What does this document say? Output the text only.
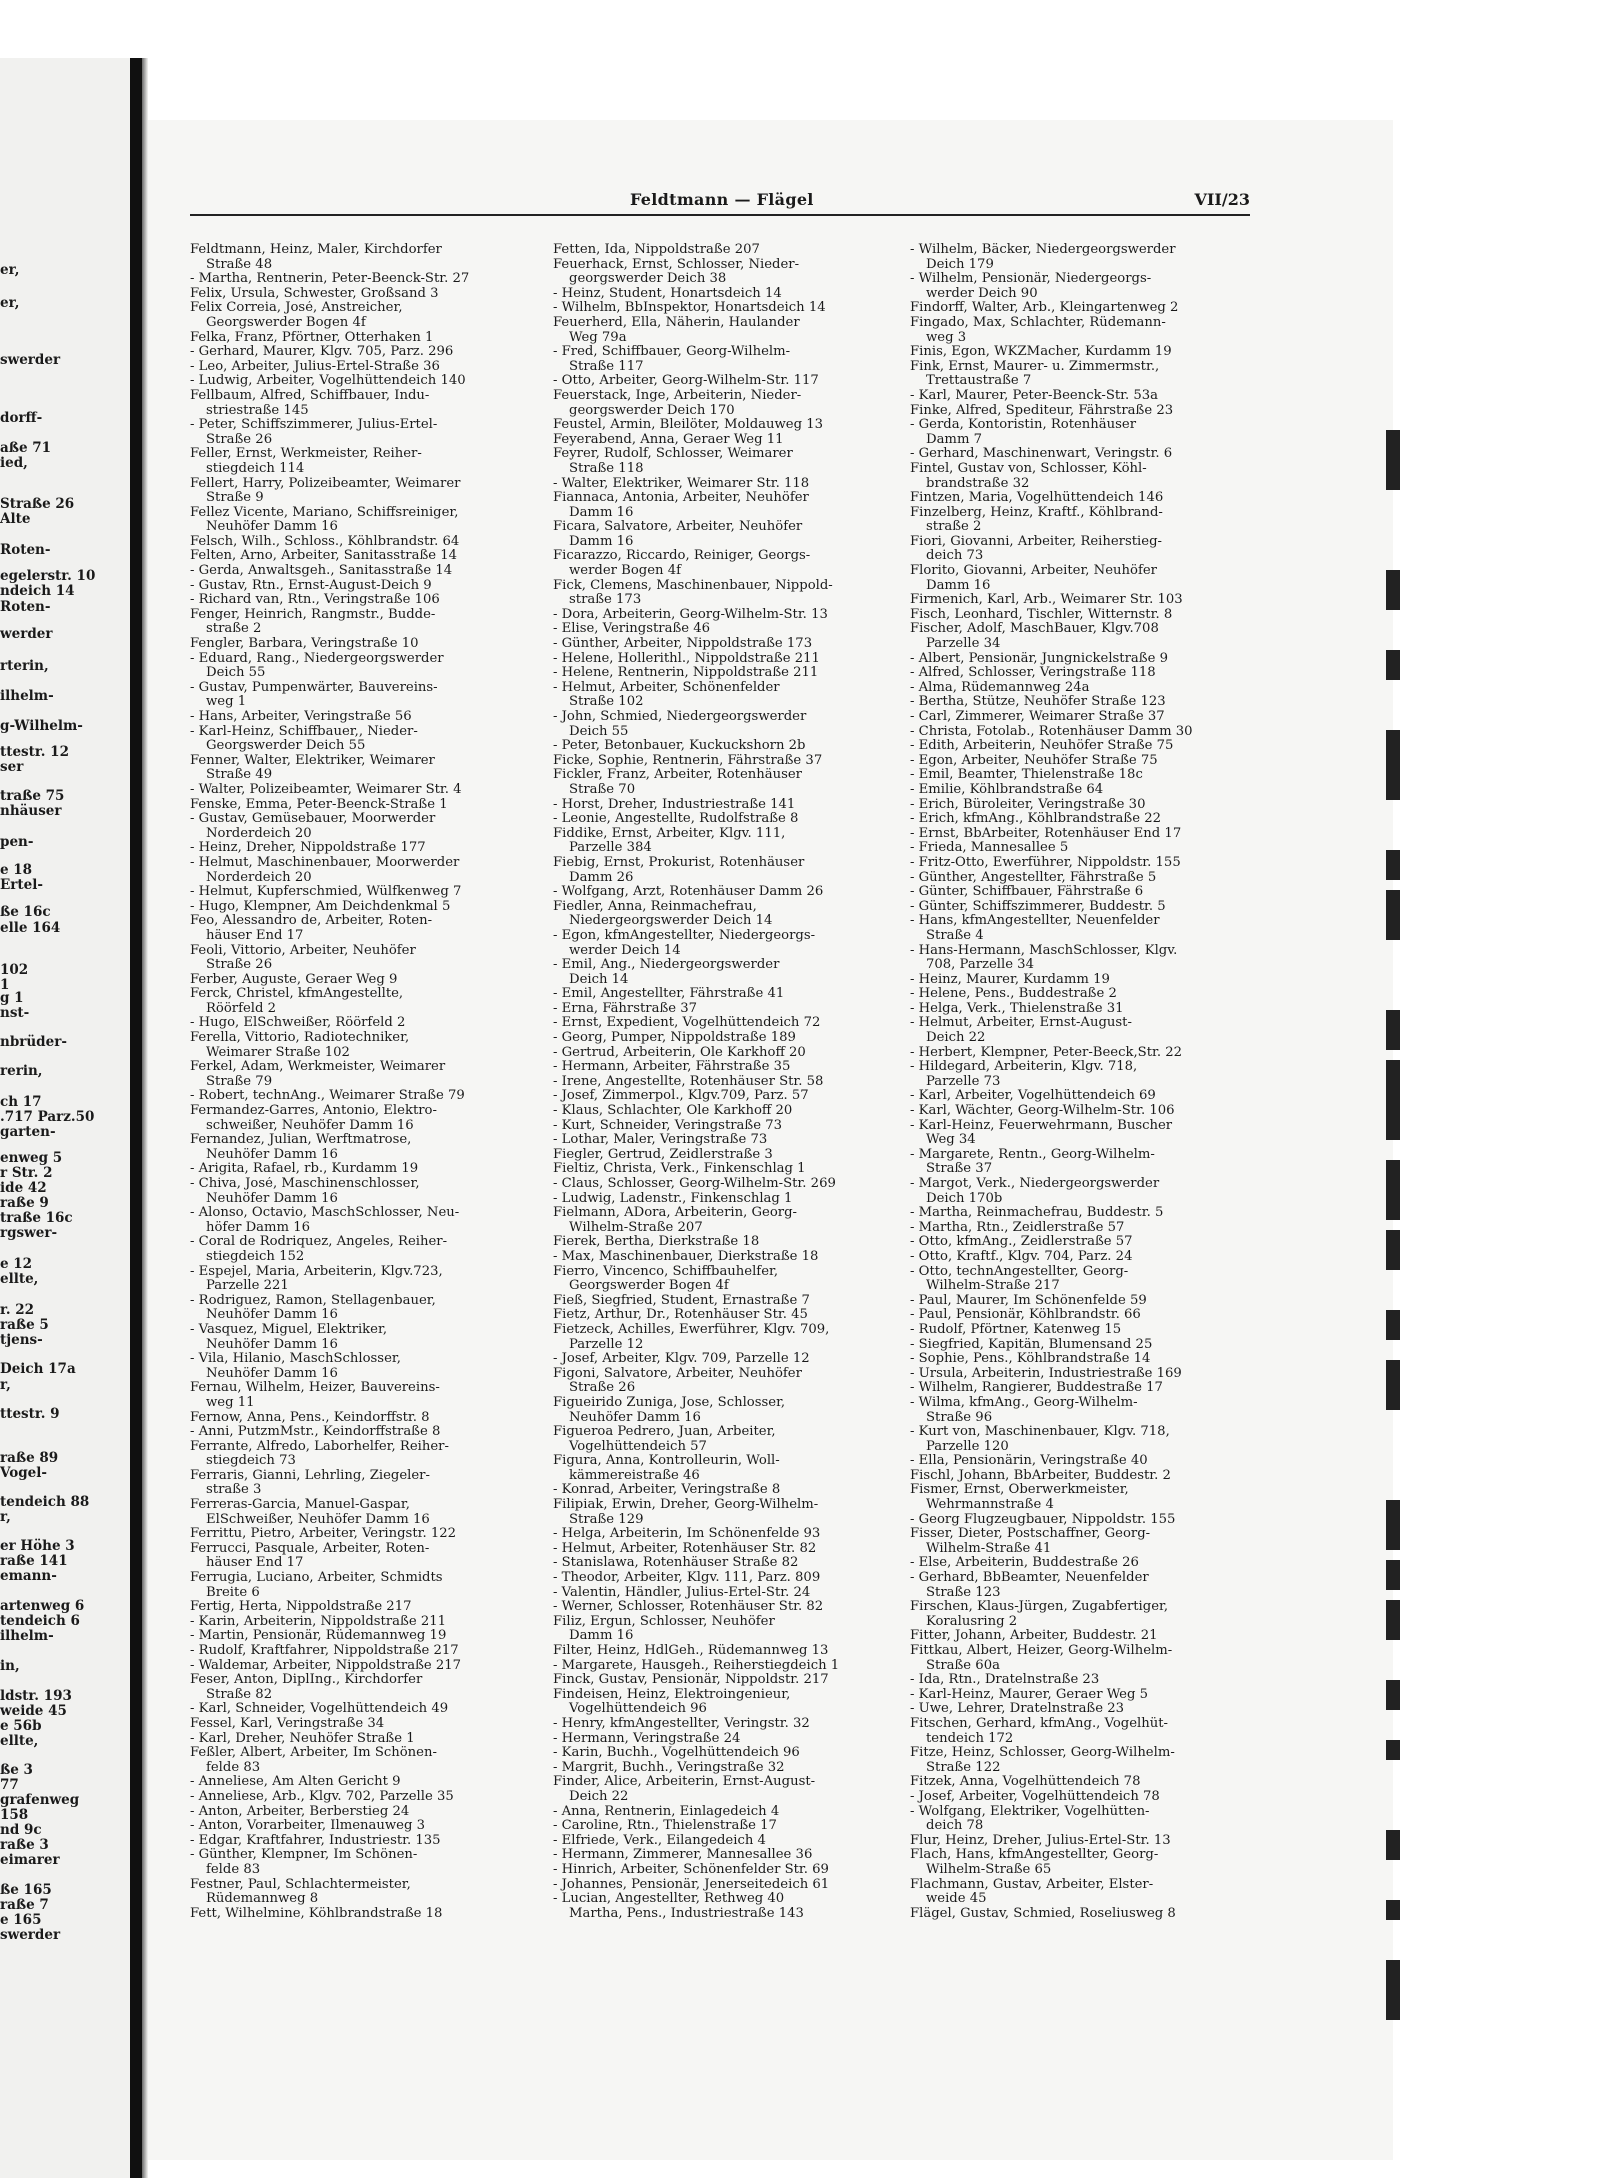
er,
er,
swerder
dorff-
aße 71
ied,
Straße 26
Alte
Roten-
egelerstr. 10
ndeich 14
Roten-
werder
rterin,
ilhelm-
g-Wilhelm-
ttestr. 12
ser
traße 75
nhäuser
pen-
e 18
Ertel-
ße 16c
elle 164
102
1
g 1
nst-
nbrüder-
rerin,
ch 17
.717 Parz.50
garten-
enweg 5
r Str. 2
ide 42
raße 9
traße 16c
rgswer-
e 12
ellte,
r. 22
raße 5
tjens-
Deich 17a
r,
ttestr. 9
raße 89
Vogel-
tendeich 88
r,
er Höhe 3
raße 141
emann-
artenweg 6
tendeich 6
ilhelm-
in,
ldstr. 193
weide 45
e 56b
ellte,
ße 3
77
grafenweg
158
nd 9c
raße 3
eimarer
ße 165
raße 7
e 165
swerder
Feldtmann — Flägel	VII/23
Feldtmann, Heinz, Maler, Kirchdorfer
Straße 48
- Martha, Rentnerin, Peter-Beenck-Str. 27
Felix, Ursula, Schwester, Großsand 3
Felix Correia, José, Anstreicher,
Georgswerder Bogen 4f
Felka, Franz, Pförtner, Otterhaken 1
- Gerhard, Maurer, Klgv. 705, Parz. 296
- Leo, Arbeiter, Julius-Ertel-Straße 36
- Ludwig, Arbeiter, Vogelhüttendeich 140
Fellbaum, Alfred, Schiffbauer, Indu-
striestraße 145
- Peter, Schiffszimmerer, Julius-Ertel-
Straße 26
Feller, Ernst, Werkmeister, Reiher-
stiegdeich 114
Fellert, Harry, Polizeibeamter, Weimarer
Straße 9
Fellez Vicente, Mariano, Schiffsreiniger,
Neuhöfer Damm 16
Felsch, Wilh., Schloss., Köhlbrandstr. 64
Felten, Arno, Arbeiter, Sanitasstraße 14
- Gerda, Anwaltsgeh., Sanitasstraße 14
- Gustav, Rtn., Ernst-August-Deich 9
- Richard van, Rtn., Veringstraße 106
Fenger, Heinrich, Rangmstr., Budde-
straße 2
Fengler, Barbara, Veringstraße 10
- Eduard, Rang., Niedergeorgswerder
Deich 55
- Gustav, Pumpenwärter, Bauvereins-
weg 1
- Hans, Arbeiter, Veringstraße 56
- Karl-Heinz, Schiffbauer,, Nieder-
Georgswerder Deich 55
Fenner, Walter, Elektriker, Weimarer
Straße 49
- Walter, Polizeibeamter, Weimarer Str. 4
Fenske, Emma, Peter-Beenck-Straße 1
- Gustav, Gemüsebauer, Moorwerder
Norderdeich 20
- Heinz, Dreher, Nippoldstraße 177
- Helmut, Maschinenbauer, Moorwerder
Norderdeich 20
- Helmut, Kupferschmied, Wülfkenweg 7
- Hugo, Klempner, Am Deichdenkmal 5
Feo, Alessandro de, Arbeiter, Roten-
häuser End 17
Feoli, Vittorio, Arbeiter, Neuhöfer
Straße 26
Ferber, Auguste, Geraer Weg 9
Ferck, Christel, kfmAngestellte,
Röörfeld 2
- Hugo, ElSchweißer, Röörfeld 2
Ferella, Vittorio, Radiotechniker,
Weimarer Straße 102
Ferkel, Adam, Werkmeister, Weimarer
Straße 79
- Robert, technAng., Weimarer Straße 79
Fermandez-Garres, Antonio, Elektro-
schweißer, Neuhöfer Damm 16
Fernandez, Julian, Werftmatrose,
Neuhöfer Damm 16
- Arigita, Rafael, rb., Kurdamm 19
- Chiva, José, Maschinenschlosser,
Neuhöfer Damm 16
- Alonso, Octavio, MaschSchlosser, Neu-
höfer Damm 16
- Coral de Rodriquez, Angeles, Reiher-
stiegdeich 152
- Espejel, Maria, Arbeiterin, Klgv.723,
Parzelle 221
- Rodriguez, Ramon, Stellagenbauer,
Neuhöfer Damm 16
- Vasquez, Miguel, Elektriker,
Neuhöfer Damm 16
- Vila, Hilanio, MaschSchlosser,
Neuhöfer Damm 16
Fernau, Wilhelm, Heizer, Bauvereins-
weg 11
Fernow, Anna, Pens., Keindorffstr. 8
- Anni, PutzmMstr., Keindorffstraße 8
Ferrante, Alfredo, Laborhelfer, Reiher-
stiegdeich 73
Ferraris, Gianni, Lehrling, Ziegeler-
straße 3
Ferreras-Garcia, Manuel-Gaspar,
ElSchweißer, Neuhöfer Damm 16
Ferrittu, Pietro, Arbeiter, Veringstr. 122
Ferrucci, Pasquale, Arbeiter, Roten-
häuser End 17
Ferrugia, Luciano, Arbeiter, Schmidts
Breite 6
Fertig, Herta, Nippoldstraße 217
- Karin, Arbeiterin, Nippoldstraße 211
- Martin, Pensionär, Rüdemannweg 19
- Rudolf, Kraftfahrer, Nippoldstraße 217
- Waldemar, Arbeiter, Nippoldstraße 217
Feser, Anton, DiplIng., Kirchdorfer
Straße 82
- Karl, Schneider, Vogelhüttendeich 49
Fessel, Karl, Veringstraße 34
- Karl, Dreher, Neuhöfer Straße 1
Feßler, Albert, Arbeiter, Im Schönen-
felde 83
- Anneliese, Am Alten Gericht 9
- Anneliese, Arb., Klgv. 702, Parzelle 35
- Anton, Arbeiter, Berberstieg 24
- Anton, Vorarbeiter, Ilmenauweg 3
- Edgar, Kraftfahrer, Industriestr. 135
- Günther, Klempner, Im Schönen-
felde 83
Festner, Paul, Schlachtermeister,
Rüdemannweg 8
Fett, Wilhelmine, Köhlbrandstraße 18
Fetten, Ida, Nippoldstraße 207
Feuerhack, Ernst, Schlosser, Nieder-
georgswerder Deich 38
- Heinz, Student, Honartsdeich 14
- Wilhelm, BbInspektor, Honartsdeich 14
Feuerherd, Ella, Näherin, Haulander
Weg 79a
- Fred, Schiffbauer, Georg-Wilhelm-
Straße 117
- Otto, Arbeiter, Georg-Wilhelm-Str. 117
Feuerstack, Inge, Arbeiterin, Nieder-
georgswerder Deich 170
Feustel, Armin, Bleilöter, Moldauweg 13
Feyerabend, Anna, Geraer Weg 11
Feyrer, Rudolf, Schlosser, Weimarer
Straße 118
- Walter, Elektriker, Weimarer Str. 118
Fiannaca, Antonia, Arbeiter, Neuhöfer
Damm 16
Ficara, Salvatore, Arbeiter, Neuhöfer
Damm 16
Ficarazzo, Riccardo, Reiniger, Georgs-
werder Bogen 4f
Fick, Clemens, Maschinenbauer, Nippold-
straße 173
- Dora, Arbeiterin, Georg-Wilhelm-Str. 13
- Elise, Veringstraße 46
- Günther, Arbeiter, Nippoldstraße 173
- Helene, Hollerithl., Nippoldstraße 211
- Helene, Rentnerin, Nippoldstraße 211
- Helmut, Arbeiter, Schönenfelder
Straße 102
- John, Schmied, Niedergeorgswerder
Deich 55
- Peter, Betonbauer, Kuckuckshorn 2b
Ficke, Sophie, Rentnerin, Fährstraße 37
Fickler, Franz, Arbeiter, Rotenhäuser
Straße 70
- Horst, Dreher, Industriestraße 141
- Leonie, Angestellte, Rudolfstraße 8
Fiddike, Ernst, Arbeiter, Klgv. 111,
Parzelle 384
Fiebig, Ernst, Prokurist, Rotenhäuser
Damm 26
- Wolfgang, Arzt, Rotenhäuser Damm 26
Fiedler, Anna, Reinmachefrau,
Niedergeorgswerder Deich 14
- Egon, kfmAngestellter, Niedergeorgs-
werder Deich 14
- Emil, Ang., Niedergeorgswerder
Deich 14
- Emil, Angestellter, Fährstraße 41
- Erna, Fährstraße 37
- Ernst, Expedient, Vogelhüttendeich 72
- Georg, Pumper, Nippoldstraße 189
- Gertrud, Arbeiterin, Ole Karkhoff 20
- Hermann, Arbeiter, Fährstraße 35
- Irene, Angestellte, Rotenhäuser Str. 58
- Josef, Zimmerpol., Klgv.709, Parz. 57
- Klaus, Schlachter, Ole Karkhoff 20
- Kurt, Schneider, Veringstraße 73
- Lothar, Maler, Veringstraße 73
Fiegler, Gertrud, Zeidlerstraße 3
Fieltiz, Christa, Verk., Finkenschlag 1
- Claus, Schlosser, Georg-Wilhelm-Str. 269
- Ludwig, Ladenstr., Finkenschlag 1
Fielmann, ADora, Arbeiterin, Georg-
Wilhelm-Straße 207
Fierek, Bertha, Dierkstraße 18
- Max, Maschinenbauer, Dierkstraße 18
Fierro, Vincenco, Schiffbauhelfer,
Georgswerder Bogen 4f
Fieß, Siegfried, Student, Ernastraße 7
Fietz, Arthur, Dr., Rotenhäuser Str. 45
Fietzeck, Achilles, Ewerführer, Klgv. 709,
Parzelle 12
- Josef, Arbeiter, Klgv. 709, Parzelle 12
Figoni, Salvatore, Arbeiter, Neuhöfer
Straße 26
Figueirido Zuniga, Jose, Schlosser,
Neuhöfer Damm 16
Figueroa Pedrero, Juan, Arbeiter,
Vogelhüttendeich 57
Figura, Anna, Kontrolleurin, Woll-
kämmereistraße 46
- Konrad, Arbeiter, Veringstraße 8
Filipiak, Erwin, Dreher, Georg-Wilhelm-
Straße 129
- Helga, Arbeiterin, Im Schönenfelde 93
- Helmut, Arbeiter, Rotenhäuser Str. 82
- Stanislawa, Rotenhäuser Straße 82
- Theodor, Arbeiter, Klgv. 111, Parz. 809
- Valentin, Händler, Julius-Ertel-Str. 24
- Werner, Schlosser, Rotenhäuser Str. 82
Filiz, Ergun, Schlosser, Neuhöfer
Damm 16
Filter, Heinz, HdlGeh., Rüdemannweg 13
- Margarete, Hausgeh., Reiherstiegdeich 1
Finck, Gustav, Pensionär, Nippoldstr. 217
Findeisen, Heinz, Elektroingenieur,
Vogelhüttendeich 96
- Henry, kfmAngestellter, Veringstr. 32
- Hermann, Veringstraße 24
- Karin, Buchh., Vogelhüttendeich 96
- Margrit, Buchh., Veringstraße 32
Finder, Alice, Arbeiterin, Ernst-August-
Deich 22
- Anna, Rentnerin, Einlagedeich 4
- Caroline, Rtn., Thielenstraße 17
- Elfriede, Verk., Eilangedeich 4
- Hermann, Zimmerer, Mannesallee 36
- Hinrich, Arbeiter, Schönenfelder Str. 69
- Johannes, Pensionär, Jenerseitedeich 61
- Lucian, Angestellter, Rethweg 40
Martha, Pens., Industriestraße 143
- Wilhelm, Bäcker, Niedergeorgswerder
Deich 179
- Wilhelm, Pensionär, Niedergeorgs-
werder Deich 90
Findorff, Walter, Arb., Kleingartenweg 2
Fingado, Max, Schlachter, Rüdemann-
weg 3
Finis, Egon, WKZMacher, Kurdamm 19
Fink, Ernst, Maurer- u. Zimmermstr.,
Trettaustraße 7
- Karl, Maurer, Peter-Beenck-Str. 53a
Finke, Alfred, Spediteur, Fährstraße 23
- Gerda, Kontoristin, Rotenhäuser
Damm 7
- Gerhard, Maschinenwart, Veringstr. 6
Fintel, Gustav von, Schlosser, Köhl-
brandstraße 32
Fintzen, Maria, Vogelhüttendeich 146
Finzelberg, Heinz, Kraftf., Köhlbrand-
straße 2
Fiori, Giovanni, Arbeiter, Reiherstieg-
deich 73
Florito, Giovanni, Arbeiter, Neuhöfer
Damm 16
Firmenich, Karl, Arb., Weimarer Str. 103
Fisch, Leonhard, Tischler, Witternstr. 8
Fischer, Adolf, MaschBauer, Klgv.708
Parzelle 34
- Albert, Pensionär, Jungnickelstraße 9
- Alfred, Schlosser, Veringstraße 118
- Alma, Rüdemannweg 24a
- Bertha, Stütze, Neuhöfer Straße 123
- Carl, Zimmerer, Weimarer Straße 37
- Christa, Fotolab., Rotenhäuser Damm 30
- Edith, Arbeiterin, Neuhöfer Straße 75
- Egon, Arbeiter, Neuhöfer Straße 75
- Emil, Beamter, Thielenstraße 18c
- Emilie, Köhlbrandstraße 64
- Erich, Büroleiter, Veringstraße 30
- Erich, kfmAng., Köhlbrandstraße 22
- Ernst, BbArbeiter, Rotenhäuser End 17
- Frieda, Mannesallee 5
- Fritz-Otto, Ewerführer, Nippoldstr. 155
- Günther, Angestellter, Fährstraße 5
- Günter, Schiffbauer, Fährstraße 6
- Günter, Schiffszimmerer, Buddestr. 5
- Hans, kfmAngestellter, Neuenfelder
Straße 4
- Hans-Hermann, MaschSchlosser, Klgv.
708, Parzelle 34
- Heinz, Maurer, Kurdamm 19
- Helene, Pens., Buddestraße 2
- Helga, Verk., Thielenstraße 31
- Helmut, Arbeiter, Ernst-August-
Deich 22
- Herbert, Klempner, Peter-Beeck,Str. 22
- Hildegard, Arbeiterin, Klgv. 718,
Parzelle 73
- Karl, Arbeiter, Vogelhüttendeich 69
- Karl, Wächter, Georg-Wilhelm-Str. 106
- Karl-Heinz, Feuerwehrmann, Buscher
Weg 34
- Margarete, Rentn., Georg-Wilhelm-
Straße 37
- Margot, Verk., Niedergeorgswerder
Deich 170b
- Martha, Reinmachefrau, Buddestr. 5
- Martha, Rtn., Zeidlerstraße 57
- Otto, kfmAng., Zeidlerstraße 57
- Otto, Kraftf., Klgv. 704, Parz. 24
- Otto, technAngestellter, Georg-
Wilhelm-Straße 217
- Paul, Maurer, Im Schönenfelde 59
- Paul, Pensionär, Köhlbrandstr. 66
- Rudolf, Pförtner, Katenweg 15
- Siegfried, Kapitän, Blumensand 25
- Sophie, Pens., Köhlbrandstraße 14
- Ursula, Arbeiterin, Industriestraße 169
- Wilhelm, Rangierer, Buddestraße 17
- Wilma, kfmAng., Georg-Wilhelm-
Straße 96
- Kurt von, Maschinenbauer, Klgv. 718,
Parzelle 120
- Ella, Pensionärin, Veringstraße 40
Fischl, Johann, BbArbeiter, Buddestr. 2
Fismer, Ernst, Oberwerkmeister,
Wehrmannstraße 4
- Georg Flugzeugbauer, Nippoldstr. 155
Fisser, Dieter, Postschaffner, Georg-
Wilhelm-Straße 41
- Else, Arbeiterin, Buddestraße 26
- Gerhard, BbBeamter, Neuenfelder
Straße 123
Firschen, Klaus-Jürgen, Zugabfertiger,
Koralusring 2
Fitter, Johann, Arbeiter, Buddestr. 21
Fittkau, Albert, Heizer, Georg-Wilhelm-
Straße 60a
- Ida, Rtn., Dratelnstraße 23
- Karl-Heinz, Maurer, Geraer Weg 5
- Uwe, Lehrer, Dratelnstraße 23
Fitschen, Gerhard, kfmAng., Vogelhüt-
tendeich 172
Fitze, Heinz, Schlosser, Georg-Wilhelm-
Straße 122
Fitzek, Anna, Vogelhüttendeich 78
- Josef, Arbeiter, Vogelhüttendeich 78
- Wolfgang, Elektriker, Vogelhütten-
deich 78
Flur, Heinz, Dreher, Julius-Ertel-Str. 13
Flach, Hans, kfmAngestellter, Georg-
Wilhelm-Straße 65
Flachmann, Gustav, Arbeiter, Elster-
weide 45
Flägel, Gustav, Schmied, Roseliusweg 8
